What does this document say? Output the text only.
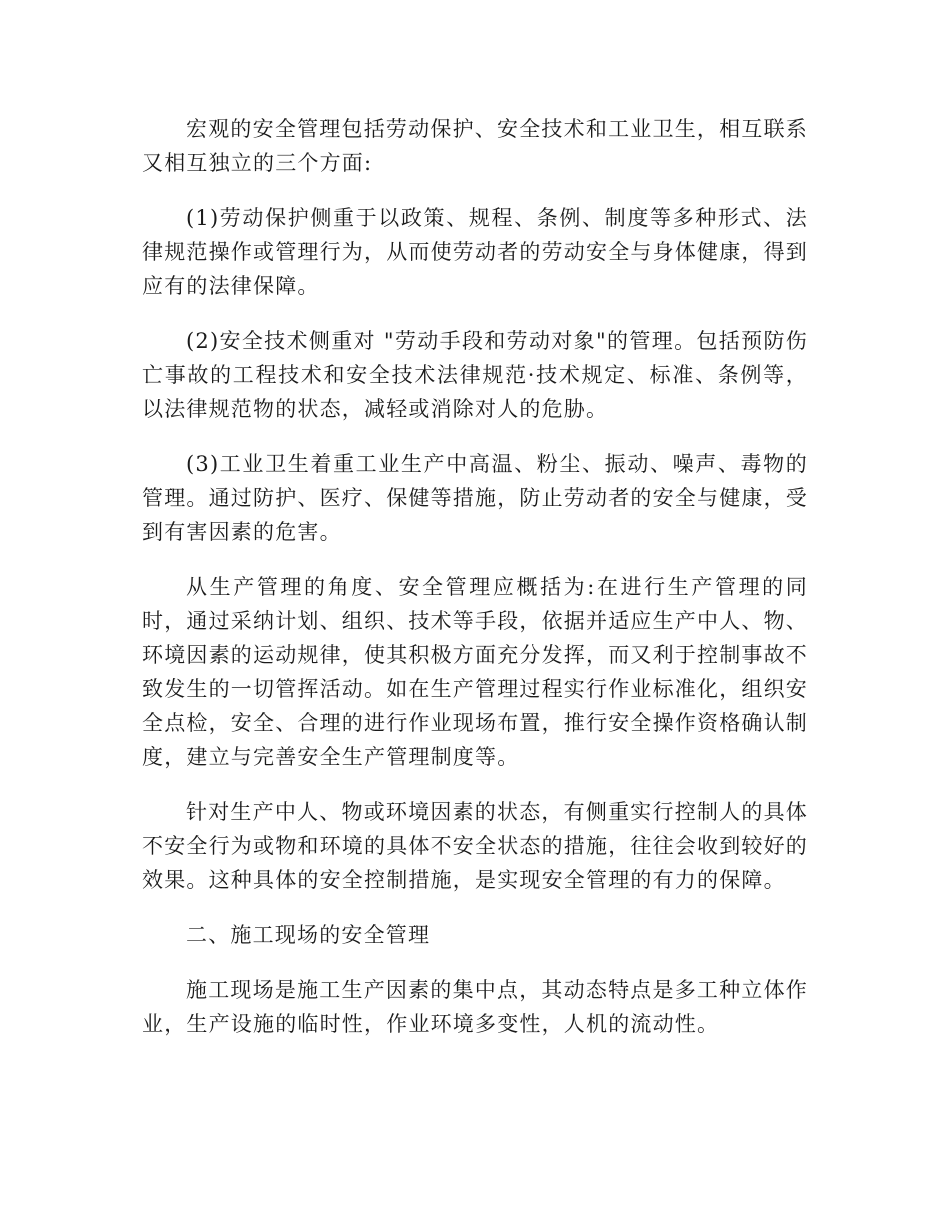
宏观的安全管理包括劳动保护、安全技术和工业卫生，相互联系又相互独立的三个方面:

(1)劳动保护侧重于以政策、规程、条例、制度等多种形式、法律规范操作或管理行为，从而使劳动者的劳动安全与身体健康，得到应有的法律保障。

(2)安全技术侧重对 "劳动手段和劳动对象"的管理。包括预防伤亡事故的工程技术和安全技术法律规范·技术规定、标准、条例等，以法律规范物的状态，减轻或消除对人的危胁。

(3)工业卫生着重工业生产中高温、粉尘、振动、噪声、毒物的管理。通过防护、医疗、保健等措施，防止劳动者的安全与健康，受到有害因素的危害。

从生产管理的角度、安全管理应概括为:在进行生产管理的同时，通过采纳计划、组织、技术等手段，依据并适应生产中人、物、环境因素的运动规律，使其积极方面充分发挥，而又利于控制事故不致发生的一切管挥活动。如在生产管理过程实行作业标准化，组织安全点检，安全、合理的进行作业现场布置，推行安全操作资格确认制度，建立与完善安全生产管理制度等。

针对生产中人、物或环境因素的状态，有侧重实行控制人的具体不安全行为或物和环境的具体不安全状态的措施，往往会收到较好的效果。这种具体的安全控制措施，是实现安全管理的有力的保障。

二、施工现场的安全管理

施工现场是施工生产因素的集中点，其动态特点是多工种立体作业，生产设施的临时性，作业环境多变性，人机的流动性。
